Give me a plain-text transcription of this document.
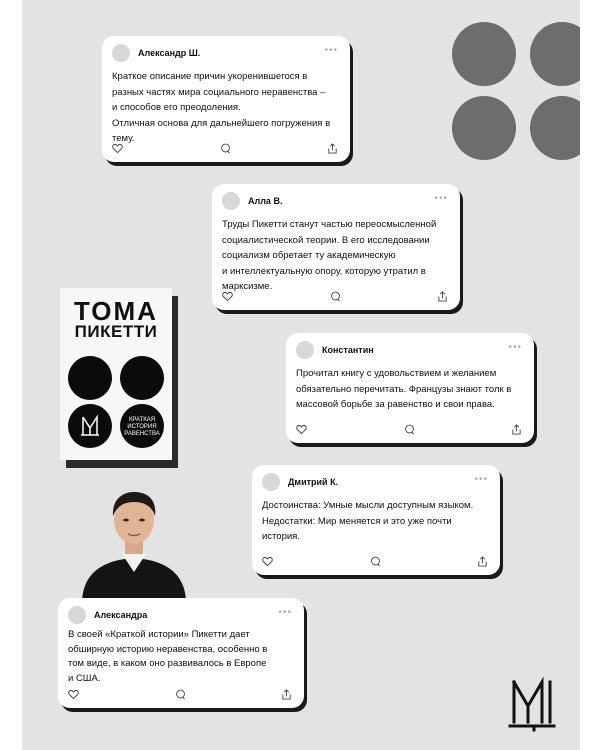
ТОМА
ПИКЕТТИ
КРАТКАЯ
ИСТОРИЯ
РАВЕНСТВА
Александр Ш.	•••
Краткое описание причин укоренившегося в
разных частях мира социального неравенства –
и способов его преодоления.
Отличная основа для дальнейшего погружения в
тему.
Алла В.	•••
Труды Пикетти станут частью переосмысленной
социалистической теории. В его исследовании
социализм обретает ту академическую
и интеллектуальную опору, которую утратил в
марксизме.
Константин	•••
Прочитал книгу с удовольствием и желанием
обязательно перечитать. Французы знают толк в
массовой борьбе за равенство и свои права.
Дмитрий К.	•••
Достоинства: Умные мысли доступным языком.
Недостатки: Мир меняется и это уже почти
история.
Александра	•••
В своей «Краткой истории» Пикетти дает
обширную историю неравенства, особенно в
том виде, в каком оно развивалось в Европе
и США.
